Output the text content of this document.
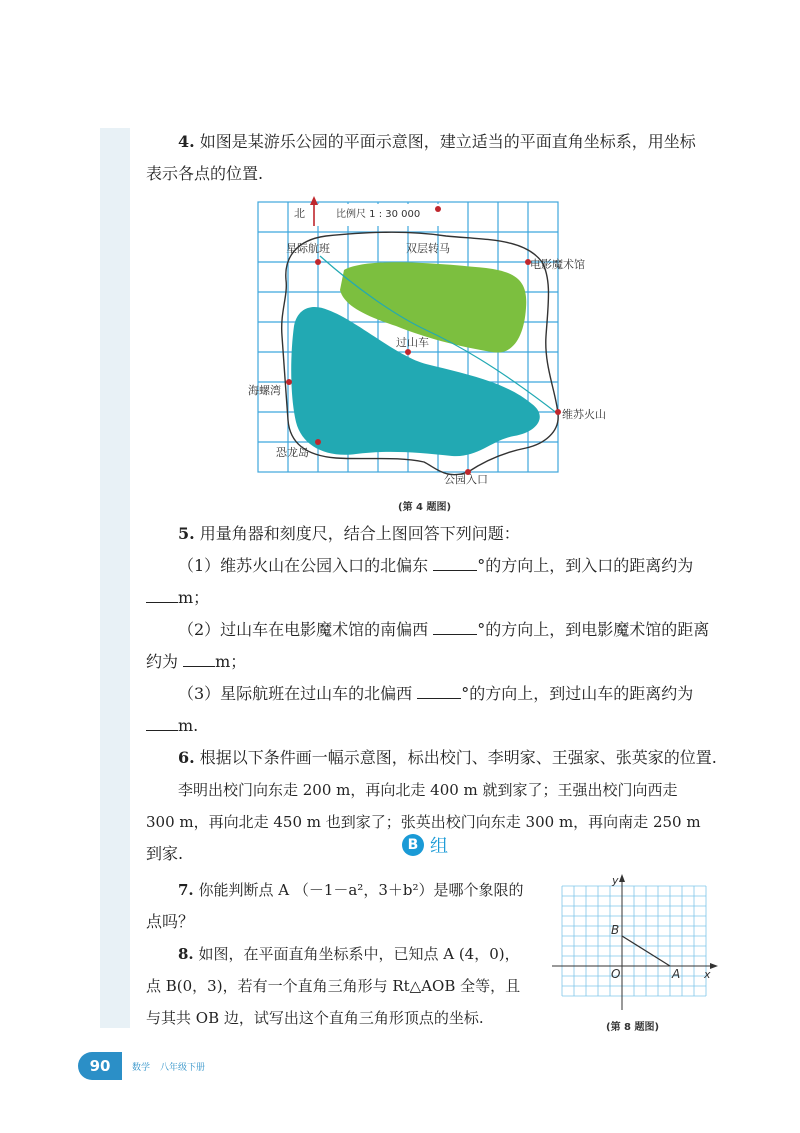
4. 如图是某游乐公园的平面示意图，建立适当的平面直角坐标系，用坐标

表示各点的位置.

北	比例尺 1 : 30 000
星际航班	双层转马
电影魔术馆
过山车
海螺湾
维苏火山
恐龙岛
公园入口
(第 4 题图)

5. 用量角器和刻度尺，结合上图回答下列问题：

（1）维苏火山在公园入口的北偏东	°的方向上，到入口的距离约为

m；

（2）过山车在电影魔术馆的南偏西	°的方向上，到电影魔术馆的距离

约为 m；

（3）星际航班在过山车的北偏西	°的方向上，到过山车的距离约为

m.

6. 根据以下条件画一幅示意图，标出校门、李明家、王强家、张英家的位置.

李明出校门向东走 200 m，再向北走 400 m 就到家了；王强出校门向西走

300 m，再向北走 450 m 也到家了；张英出校门向东走 300 m，再向南走 250 m

到家.	B 组

7. 你能判断点 A （－1－a²，3＋b²）是哪个象限的

点吗？

8. 如图，在平面直角坐标系中，已知点 A (4，0)，

点 B(0，3)，若有一个直角三角形与 Rt△AOB 全等，且

与其共 OB 边，试写出这个直角三角形顶点的坐标.

y
x
B
O	A
(第 8 题图)
90	数学 八年级下册
